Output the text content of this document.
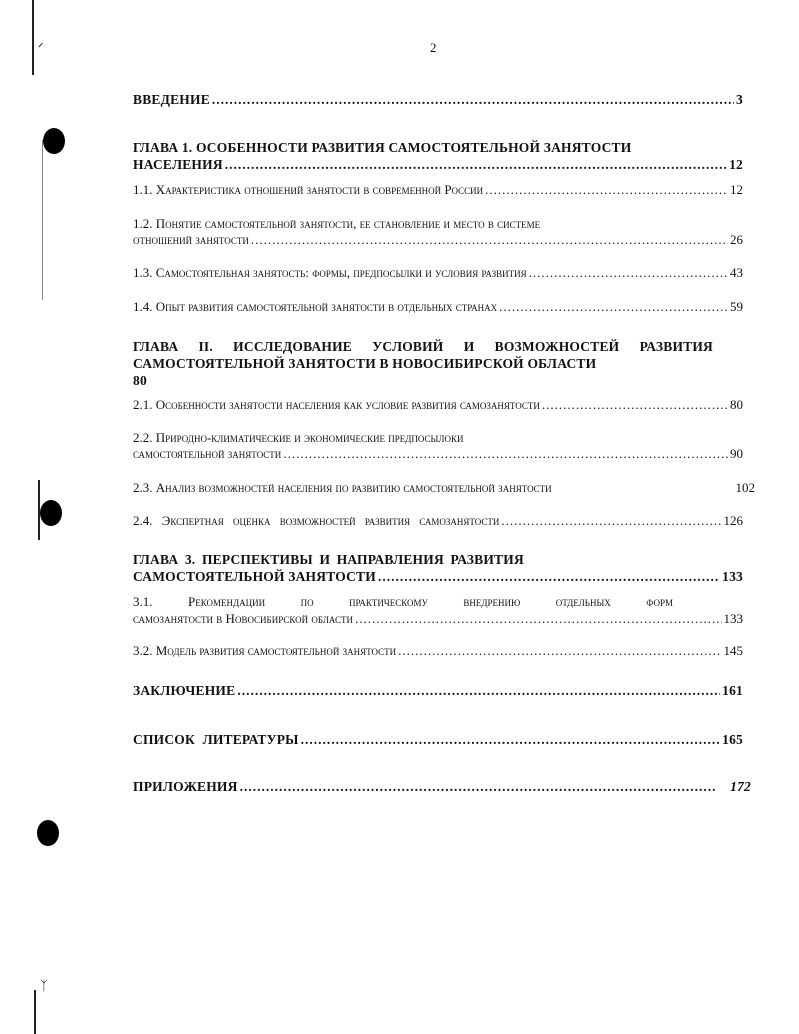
ᐟ
ᛉ
2
ВВЕДЕНИЕ .....	3
ГЛАВА 1. ОСОБЕННОСТИ РАЗВИТИЯ САМОСТОЯТЕЛЬНОЙ ЗАНЯТОСТИ
НАСЕЛЕНИЯ .....	12
1.1. Характеристика отношений занятости в современной России .....	12
1.2. Понятие самостоятельной занятости, ее становление и место в системе
отношений занятости .....	26
1.3. Самостоятельная занятость: формы, предпосылки и условия развития .....	43
1.4. Опыт развития самостоятельной занятости в отдельных странах .....	59
ГЛАВА II. ИССЛЕДОВАНИЕ УСЛОВИЙ И ВОЗМОЖНОСТЕЙ РАЗВИТИЯ
САМОСТОЯТЕЛЬНОЙ ЗАНЯТОСТИ В НОВОСИБИРСКОЙ ОБЛАСТИ
80
2.1. Особенности занятости населения как условие развития самозанятости .....	80
2.2. Природно-климатические и экономические предпосылоки
самостоятельной занятости .....	90
2.3. Анализ возможностей населения по развитию самостоятельной занятости	102
2.4. Экспертная оценка возможностей развития самозанятости .....	126
ГЛАВА 3. ПЕРСПЕКТИВЫ И НАПРАВЛЕНИЯ РАЗВИТИЯ
САМОСТОЯТЕЛЬНОЙ ЗАНЯТОСТИ .....	133
3.1. Рекомендации по практическому внедрению отдельных форм
самозанятости в Новосибирской области .....	133
3.2. Модель развития самостоятельной занятости .....	145
ЗАКЛЮЧЕНИЕ .....	161
СПИСОК ЛИТЕРАТУРЫ .....	165
ПРИЛОЖЕНИЯ .....	172
